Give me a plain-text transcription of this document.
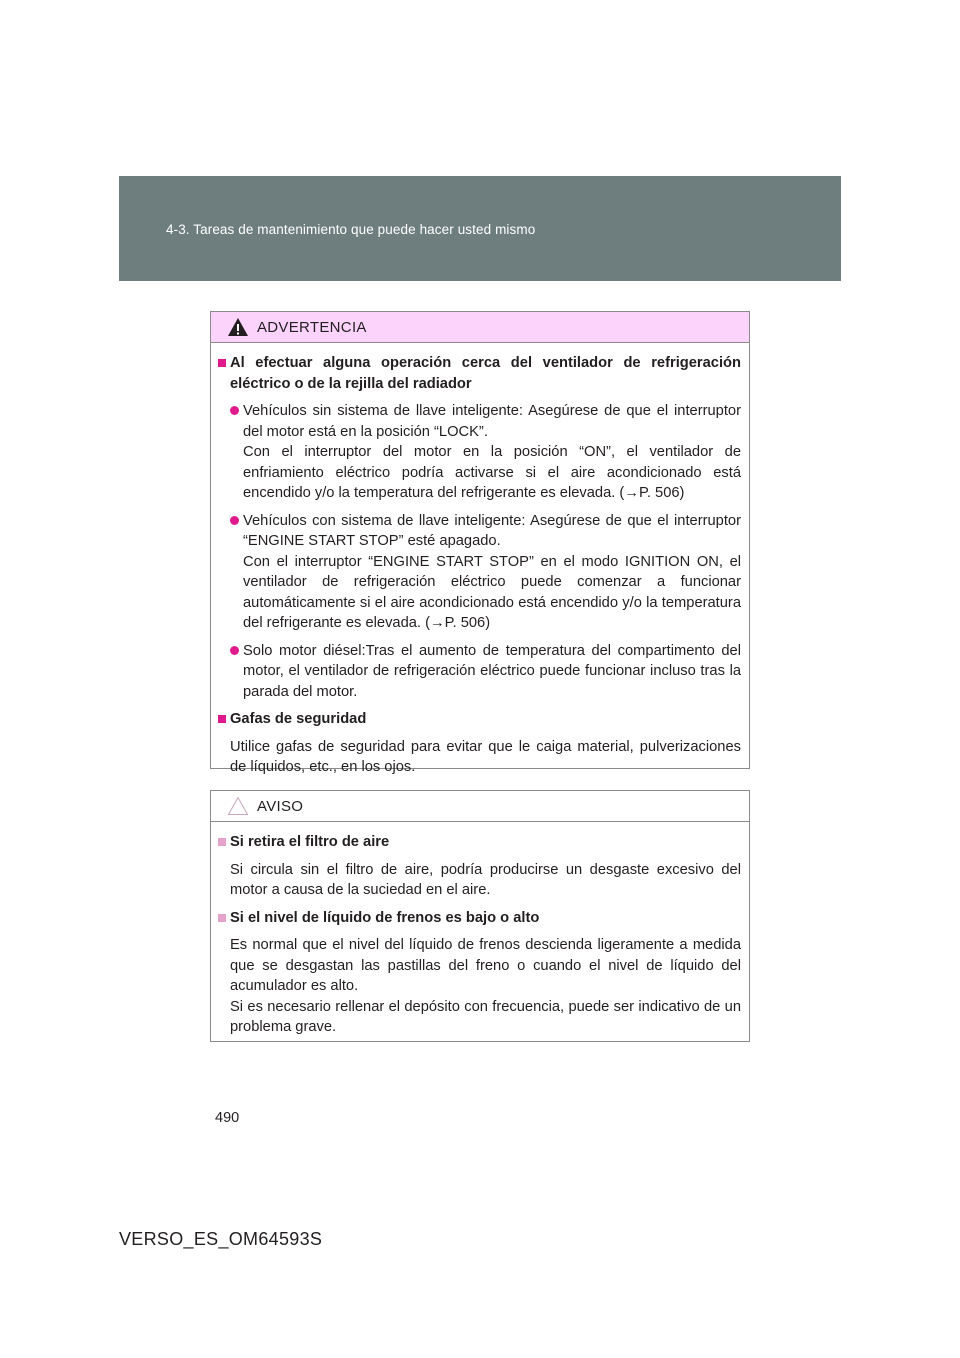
4-3. Tareas de mantenimiento que puede hacer usted mismo
ADVERTENCIA
Al efectuar alguna operación cerca del ventilador de refrigeración eléctrico o de la rejilla del radiador
Vehículos sin sistema de llave inteligente: Asegúrese de que el interruptor del motor está en la posición “LOCK”.
Con el interruptor del motor en la posición “ON”, el ventilador de enfriamiento eléctrico podría activarse si el aire acondicionado está encendido y/o la temperatura del refrigerante es elevada. (→P. 506)
Vehículos con sistema de llave inteligente: Asegúrese de que el interruptor “ENGINE START STOP” esté apagado.
Con el interruptor “ENGINE START STOP” en el modo IGNITION ON, el ventilador de refrigeración eléctrico puede comenzar a funcionar automáticamente si el aire acondicionado está encendido y/o la temperatura del refrigerante es elevada. (→P. 506)
Solo motor diésel:Tras el aumento de temperatura del compartimento del motor, el ventilador de refrigeración eléctrico puede funcionar incluso tras la parada del motor.
Gafas de seguridad
Utilice gafas de seguridad para evitar que le caiga material, pulverizaciones de líquidos, etc., en los ojos.
AVISO
Si retira el filtro de aire
Si circula sin el filtro de aire, podría producirse un desgaste excesivo del motor a causa de la suciedad en el aire.
Si el nivel de líquido de frenos es bajo o alto
Es normal que el nivel del líquido de frenos descienda ligeramente a medida que se desgastan las pastillas del freno o cuando el nivel de líquido del acumulador es alto.
Si es necesario rellenar el depósito con frecuencia, puede ser indicativo de un problema grave.
490
VERSO_ES_OM64593S
